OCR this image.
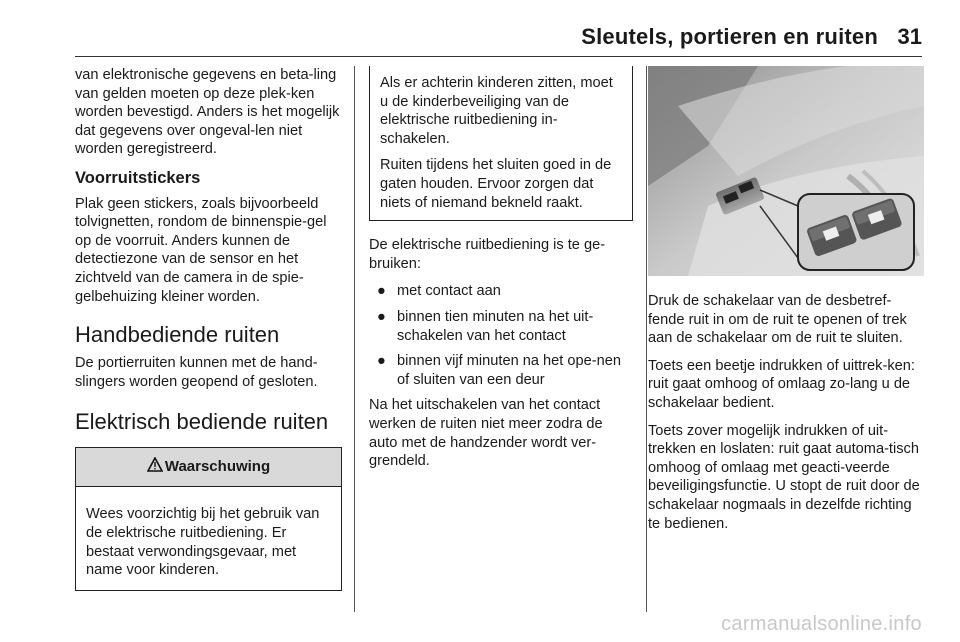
Sleutels, portieren en ruiten 31

van elektronische gegevens en beta-ling van gelden moeten op deze plek-ken worden bevestigd. Anders is het mogelijk dat gegevens over ongeval-len niet worden geregistreerd.

Voorruitstickers

Plak geen stickers, zoals bijvoorbeeld tolvignetten, rondom de binnenspie-gel op de voorruit. Anders kunnen de detectiezone van de sensor en het zichtveld van de camera in de spie-gelbehuizing kleiner worden.

Handbediende ruiten

De portierruiten kunnen met de hand-slingers worden geopend of gesloten.

Elektrisch bediende ruiten
Waarschuwing
Wees voorzichtig bij het gebruik van de elektrische ruitbediening. Er bestaat verwondingsgevaar, met name voor kinderen.

Als er achterin kinderen zitten, moet u de kinderbeveiliging van de elektrische ruitbediening in-schakelen.

Ruiten tijdens het sluiten goed in de gaten houden. Ervoor zorgen dat niets of niemand bekneld raakt.

De elektrische ruitbediening is te ge-bruiken:

● met contact aan
● binnen tien minuten na het uit-schakelen van het contact
● binnen vijf minuten na het ope-nen of sluiten van een deur

Na het uitschakelen van het contact werken de ruiten niet meer zodra de auto met de handzender wordt ver-grendeld.

Druk de schakelaar van de desbetref-fende ruit in om de ruit te openen of trek aan de schakelaar om de ruit te sluiten.

Toets een beetje indrukken of uittrek-ken: ruit gaat omhoog of omlaag zo-lang u de schakelaar bedient.

Toets zover mogelijk indrukken of uit-trekken en loslaten: ruit gaat automa-tisch omhoog of omlaag met geacti-veerde beveiligingsfunctie. U stopt de ruit door de schakelaar nogmaals in dezelfde richting te bedienen.

carmanualsonline.info
